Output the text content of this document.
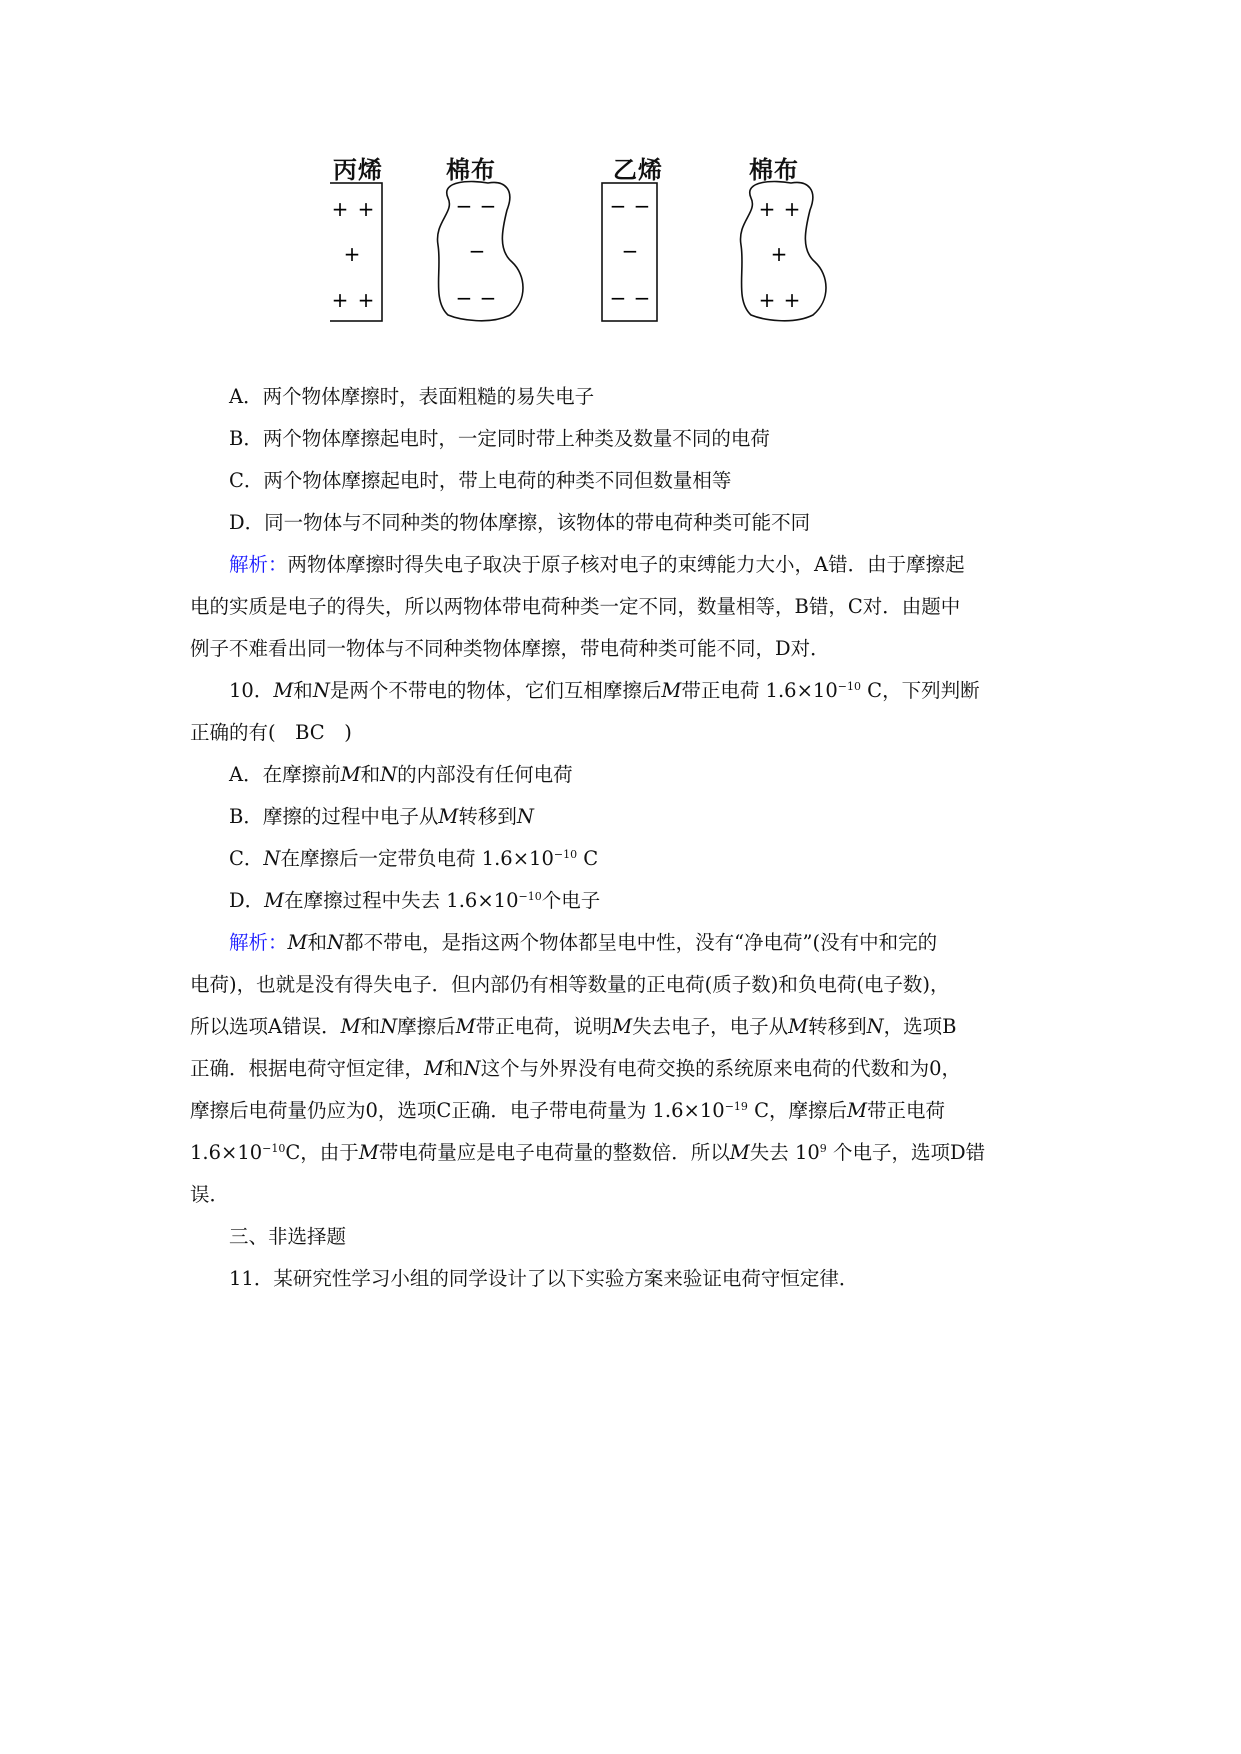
丙烯	棉布	乙烯	棉布
+ +
+
+ +
− −
−
− −
− −
−
− −
+ +
+
+ +
A．两个物体摩擦时，表面粗糙的易失电子
B．两个物体摩擦起电时，一定同时带上种类及数量不同的电荷
C．两个物体摩擦起电时，带上电荷的种类不同但数量相等
D．同一物体与不同种类的物体摩擦，该物体的带电荷种类可能不同
解析：两物体摩擦时得失电子取决于原子核对电子的束缚能力大小，A错．由于摩擦起
电的实质是电子的得失，所以两物体带电荷种类一定不同，数量相等，B错，C对．由题中
例子不难看出同一物体与不同种类物体摩擦，带电荷种类可能不同，D对．
10．M和N是两个不带电的物体，它们互相摩擦后M带正电荷 $1.6\times 10^{-10}$ C，下列判断
正确的有(　BC　)
A．在摩擦前M和N的内部没有任何电荷
B．摩擦的过程中电子从M转移到N
C．N在摩擦后一定带负电荷 $1.6\times 10^{-10}$ C
D．M在摩擦过程中失去 $1.6\times 10^{-10}$个电子
解析：M和N都不带电，是指这两个物体都呈电中性，没有“净电荷”(没有中和完的
电荷)，也就是没有得失电子．但内部仍有相等数量的正电荷(质子数)和负电荷(电子数)，
所以选项A错误．M和N摩擦后M带正电荷，说明M失去电子，电子从M转移到N，选项B
正确．根据电荷守恒定律，M和N这个与外界没有电荷交换的系统原来电荷的代数和为0，
摩擦后电荷量仍应为0，选项C正确．电子带电荷量为 $1.6\times 10^{-19}$ C，摩擦后M带正电荷
$1.6\times 10^{-10}C$，由于M带电荷量应是电子电荷量的整数倍．所以M失去 $10^9$ 个电子，选项D错
误．
三、非选择题
11．某研究性学习小组的同学设计了以下实验方案来验证电荷守恒定律．
